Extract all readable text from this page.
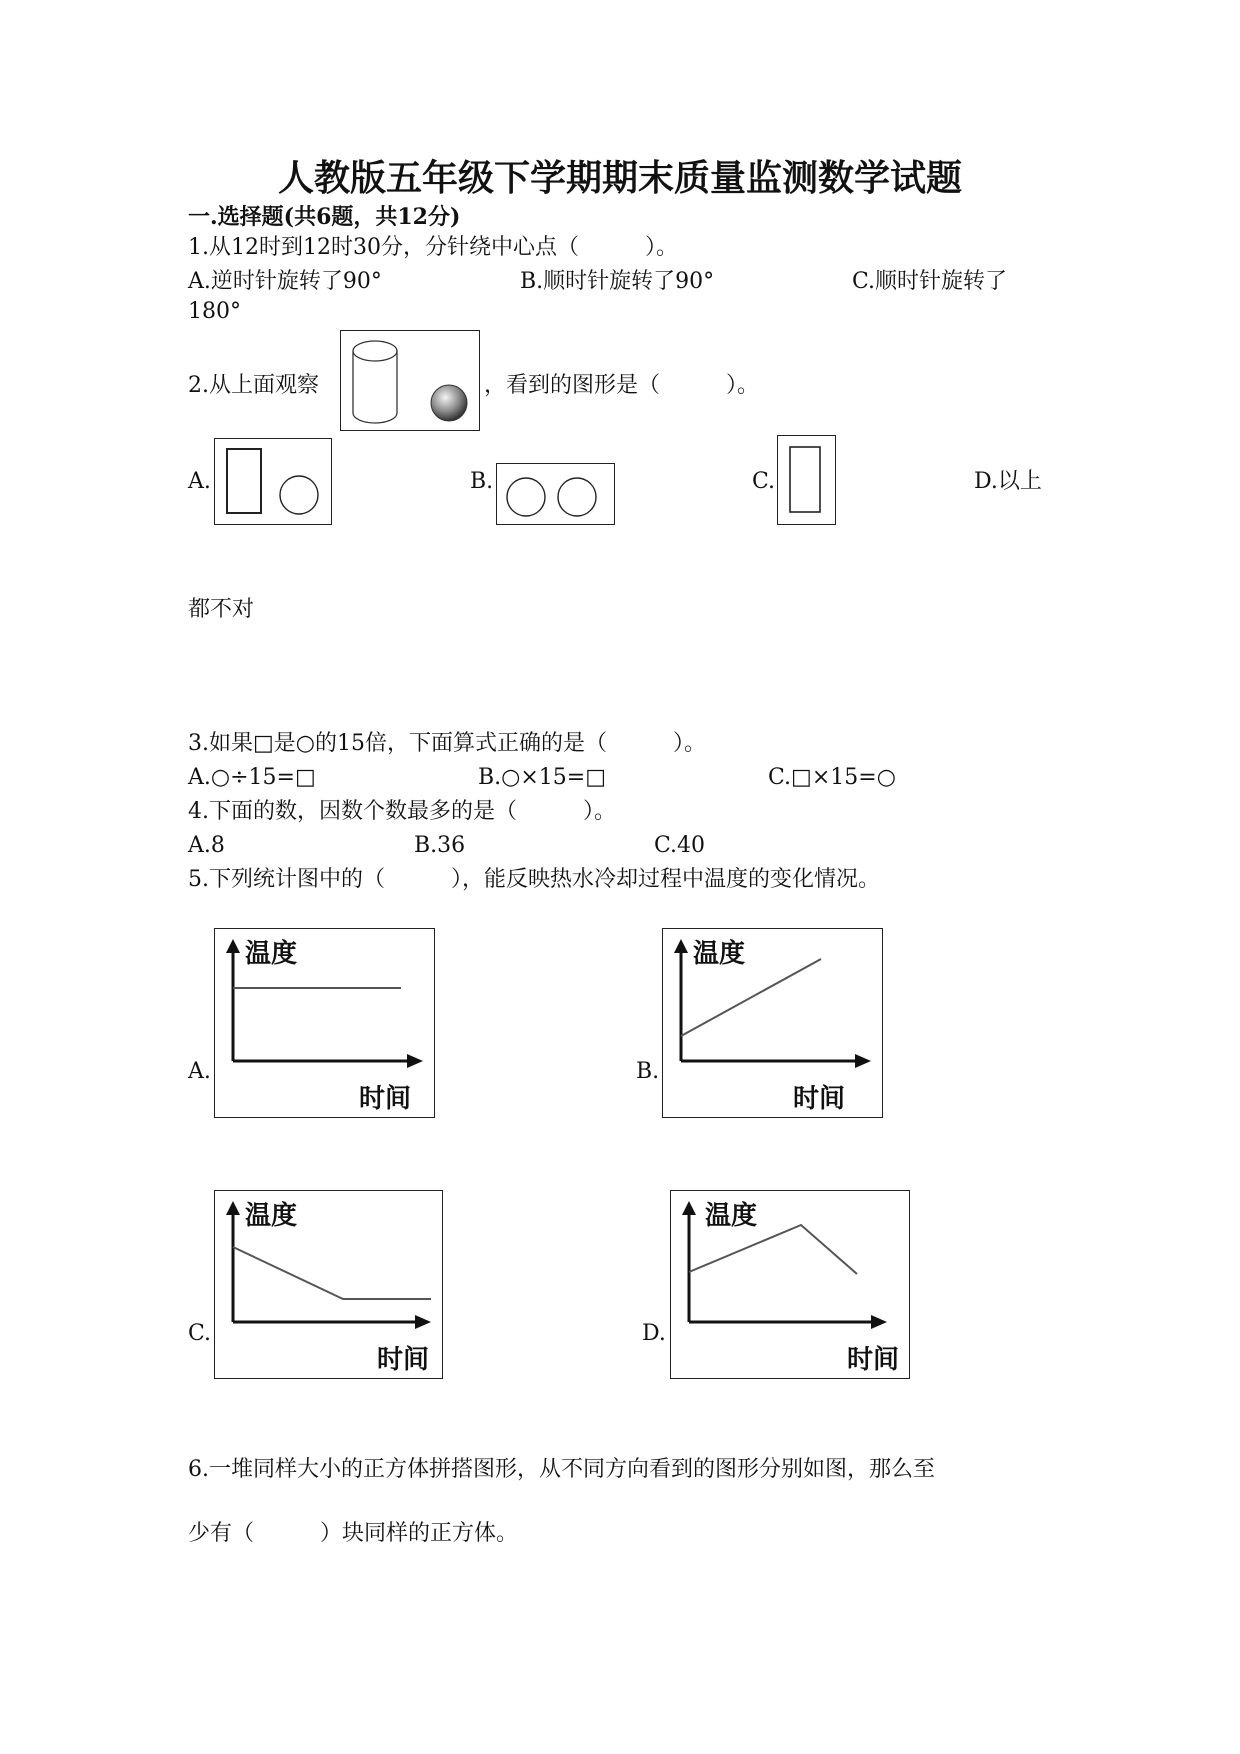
人教版五年级下学期期末质量监测数学试题
一.选择题(共6题，共12分)
1.从12时到12时30分，分针绕中心点（　　　）。
A.逆时针旋转了90°	B.顺时针旋转了90°	C.顺时针旋转了
180°
2.从上面观察	，看到的图形是（　　　）。
A.	B.	C.	D.以上
都不对
3.如果□是○的15倍，下面算式正确的是（　　　）。
A.○÷15=□	B.○×15=□	C.□×15=○
4.下面的数，因数个数最多的是（　　　）。
A.8	B.36	C.40
5.下列统计图中的（　　　），能反映热水冷却过程中温度的变化情况。
A.
温度
时间
B.
温度
时间
C.
温度
时间
D.
温度
时间
6.一堆同样大小的正方体拼搭图形，从不同方向看到的图形分别如图，那么至
少有（　　　）块同样的正方体。
